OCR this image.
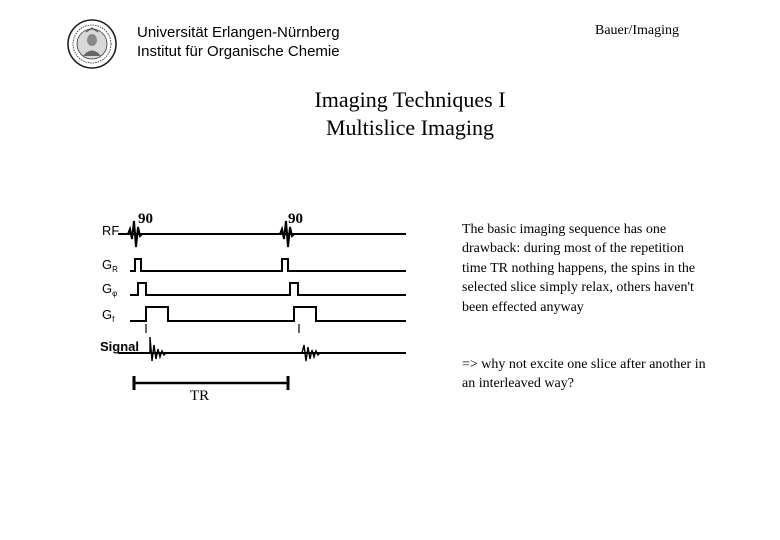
Universität Erlangen-Nürnberg
Institut für Organische Chemie
Bauer/Imaging
Imaging Techniques I
Multislice Imaging
RF
$G_R$
$G_\varphi$
$G_f$
Signal
90	90
TR
The basic imaging sequence has one drawback: during most of the repetition time TR nothing happens, the spins in the selected slice simply relax, others haven't been effected anyway
=> why not excite one slice after another in an interleaved way?
